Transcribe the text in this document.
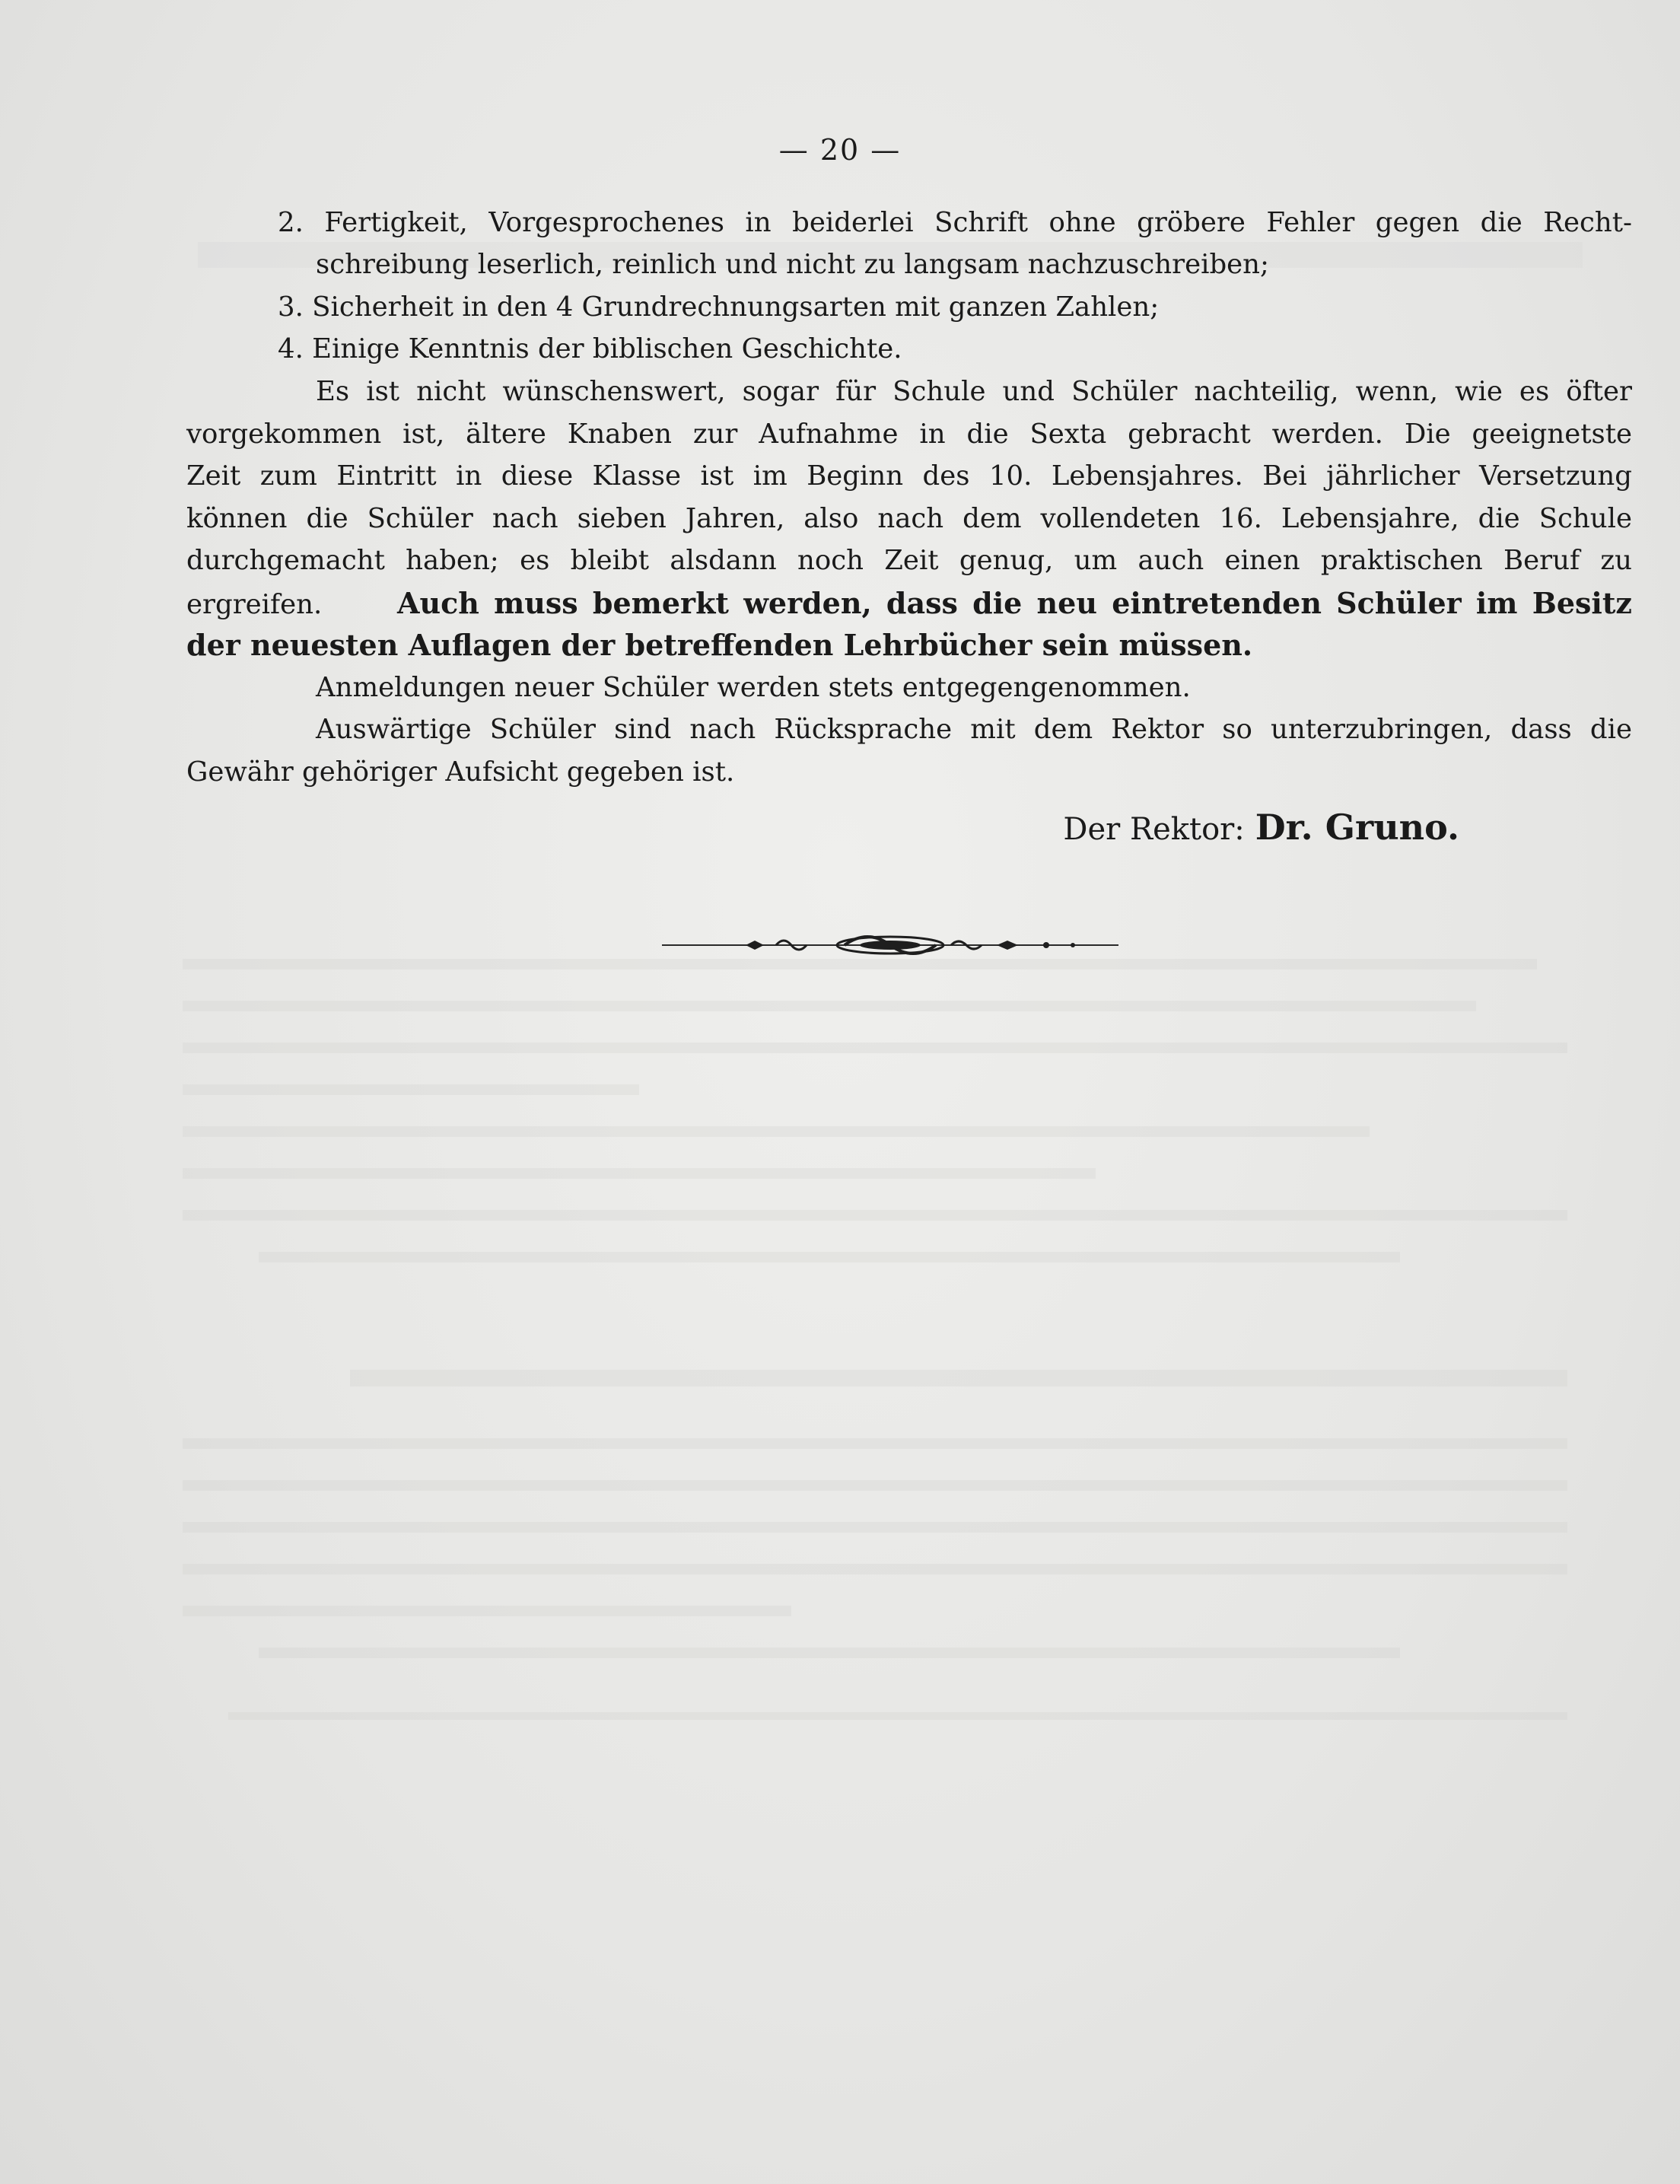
— 20 —
2. Fertigkeit, Vorgesprochenes in beiderlei Schrift ohne gröbere Fehler gegen die Recht-
schreibung leserlich, reinlich und nicht zu langsam nachzuschreiben;
3. Sicherheit in den 4 Grundrechnungsarten mit ganzen Zahlen;
4. Einige Kenntnis der biblischen Geschichte.
Es ist nicht wünschenswert, sogar für Schule und Schüler nachteilig, wenn, wie es öfter
vorgekommen ist, ältere Knaben zur Aufnahme in die Sexta gebracht werden. Die geeignetste
Zeit zum Eintritt in diese Klasse ist im Beginn des 10. Lebensjahres. Bei jährlicher Versetzung
können die Schüler nach sieben Jahren, also nach dem vollendeten 16. Lebensjahre, die Schule
durchgemacht haben; es bleibt alsdann noch Zeit genug, um auch einen praktischen Beruf zu
ergreifen.	Auch muss bemerkt werden, dass die neu eintretenden Schüler im Besitz
der neuesten Auflagen der betreffenden Lehrbücher sein müssen.
Anmeldungen neuer Schüler werden stets entgegengenommen.
Auswärtige Schüler sind nach Rücksprache mit dem Rektor so unterzubringen, dass die
Gewähr gehöriger Aufsicht gegeben ist.
Der Rektor: Dr. Gruno.
